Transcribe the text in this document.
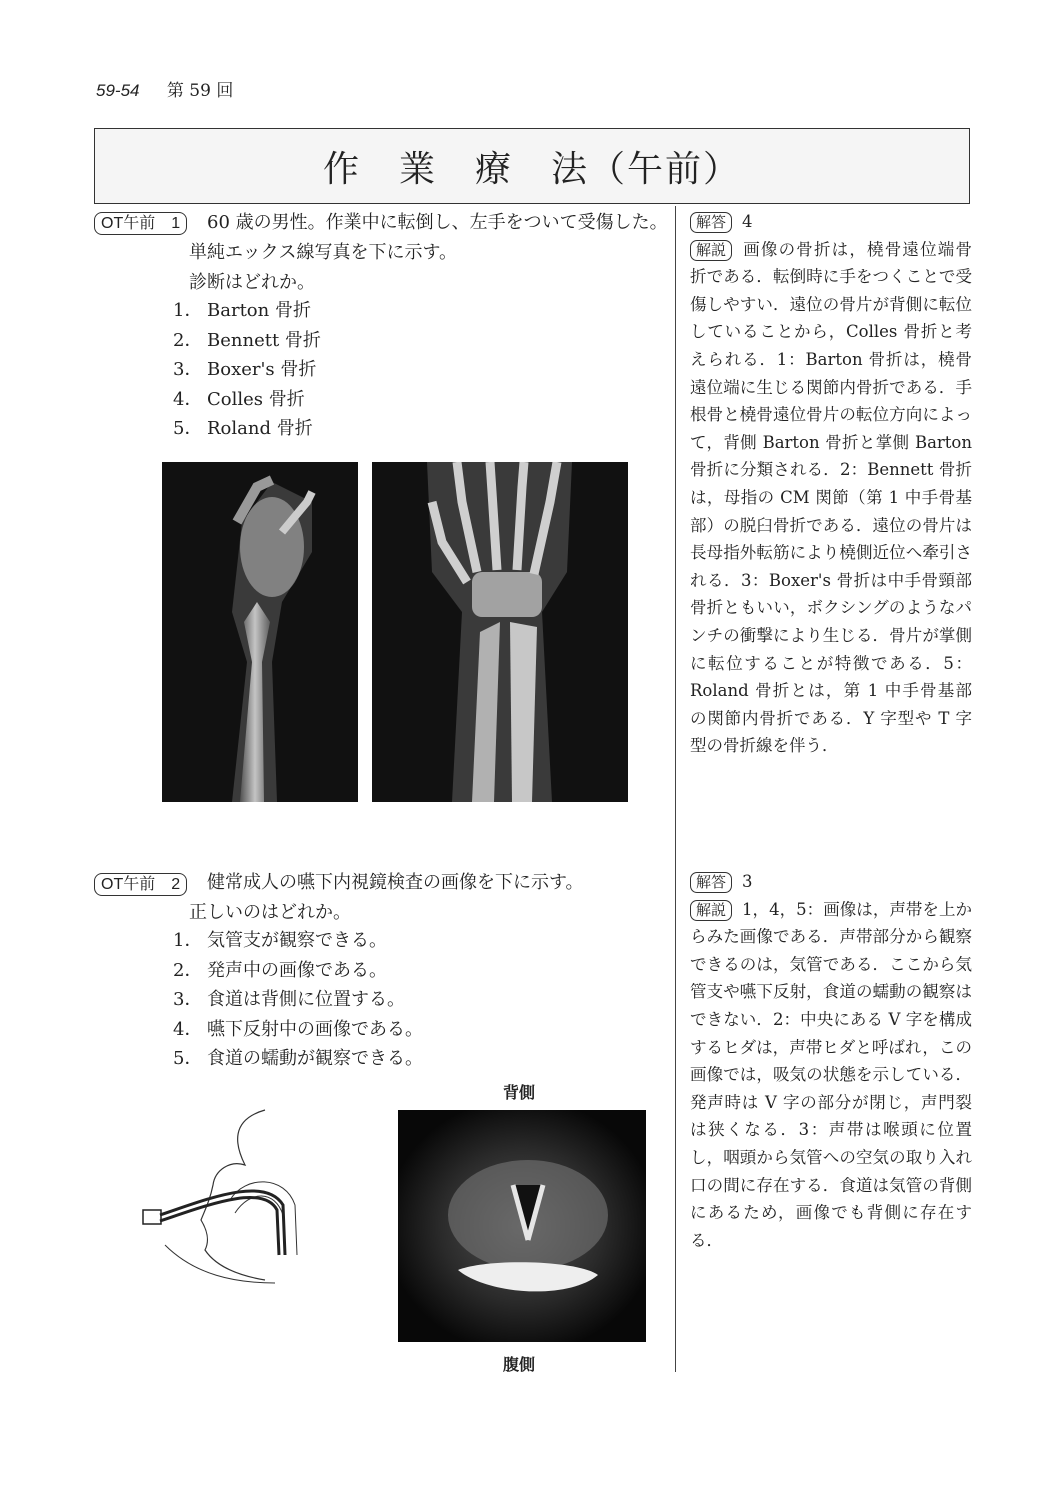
59-54 第 59 回
作　業　療　法（午前）
OT午前　1	60 歳の男性。作業中に転倒し、左手をついて受傷した。

単純エックス線写真を下に示す。

診断はどれか。

1． Barton 骨折
2． Bennett 骨折
3． Boxer's 骨折
4． Colles 骨折
5． Roland 骨折
解答 4
解説 画像の骨折は，橈骨遠位端骨折である．転倒時に手をつくことで受傷しやすい．遠位の骨片が背側に転位していることから，Colles 骨折と考えられる．1：Barton 骨折は，橈骨遠位端に生じる関節内骨折である．手根骨と橈骨遠位骨片の転位方向によって，背側 Barton 骨折と掌側 Barton 骨折に分類される．2：Bennett 骨折は，母指の CM 関節（第 1 中手骨基部）の脱臼骨折である．遠位の骨片は長母指外転筋により橈側近位へ牽引される．3：Boxer's 骨折は中手骨頸部骨折ともいい，ボクシングのようなパンチの衝撃により生じる．骨片が掌側に転位することが特徴である．5：Roland 骨折とは，第 1 中手骨基部の関節内骨折である．Y 字型や T 字型の骨折線を伴う．
OT午前　2	健常成人の嚥下内視鏡検査の画像を下に示す。

正しいのはどれか。

1． 気管支が観察できる。
2． 発声中の画像である。
3． 食道は背側に位置する。
4． 嚥下反射中の画像である。
5． 食道の蠕動が観察できる。
背側
腹側
解答 3
解説 1，4，5：画像は，声帯を上からみた画像である．声帯部分から観察できるのは，気管である．ここから気管支や嚥下反射，食道の蠕動の観察はできない．2：中央にある V 字を構成するヒダは，声帯ヒダと呼ばれ，この画像では，吸気の状態を示している．発声時は V 字の部分が閉じ，声門裂は狭くなる．3：声帯は喉頭に位置し，咽頭から気管への空気の取り入れ口の間に存在する．食道は気管の背側にあるため，画像でも背側に存在する．
